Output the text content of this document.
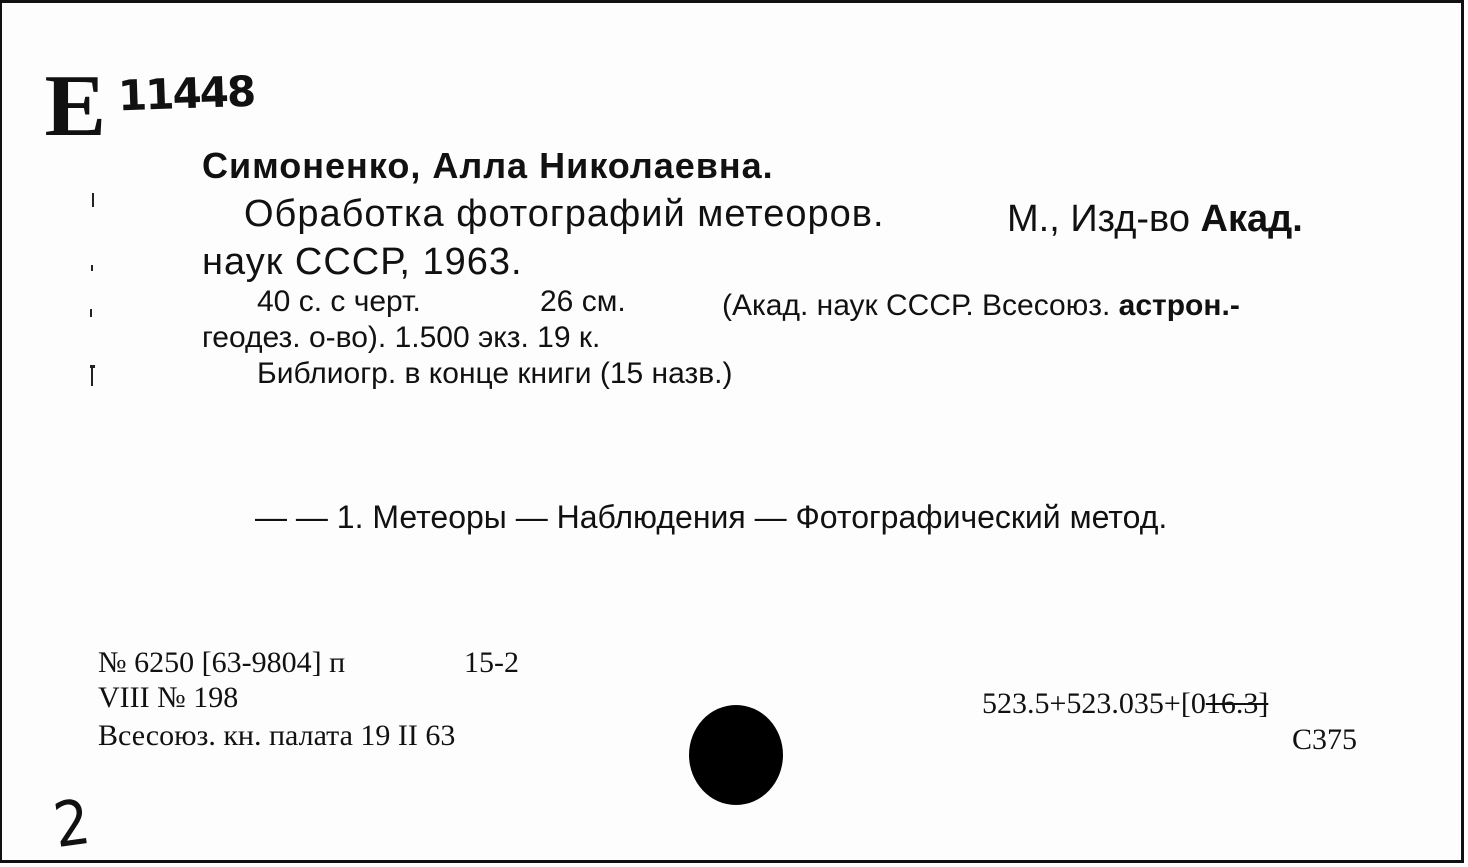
E 11448
Симоненко, Алла Николаевна.
Обработка фотографий метеоров.	М., Изд-во Акад.
наук СССР, 1963.
40 с. с черт.	26 см.	(Акад. наук СССР. Всесоюз. астрон.-
геодез. о-во). 1.500 экз. 19 к.
Библиогр. в конце книги (15 назв.)
— — 1. Метеоры — Наблюдения — Фотографический метод.
№ 6250 [63-9804] п	15-2
VIII № 198
Всесоюз. кн. палата 19 II 63
523.5+523.035+[016.3]
С375
2
